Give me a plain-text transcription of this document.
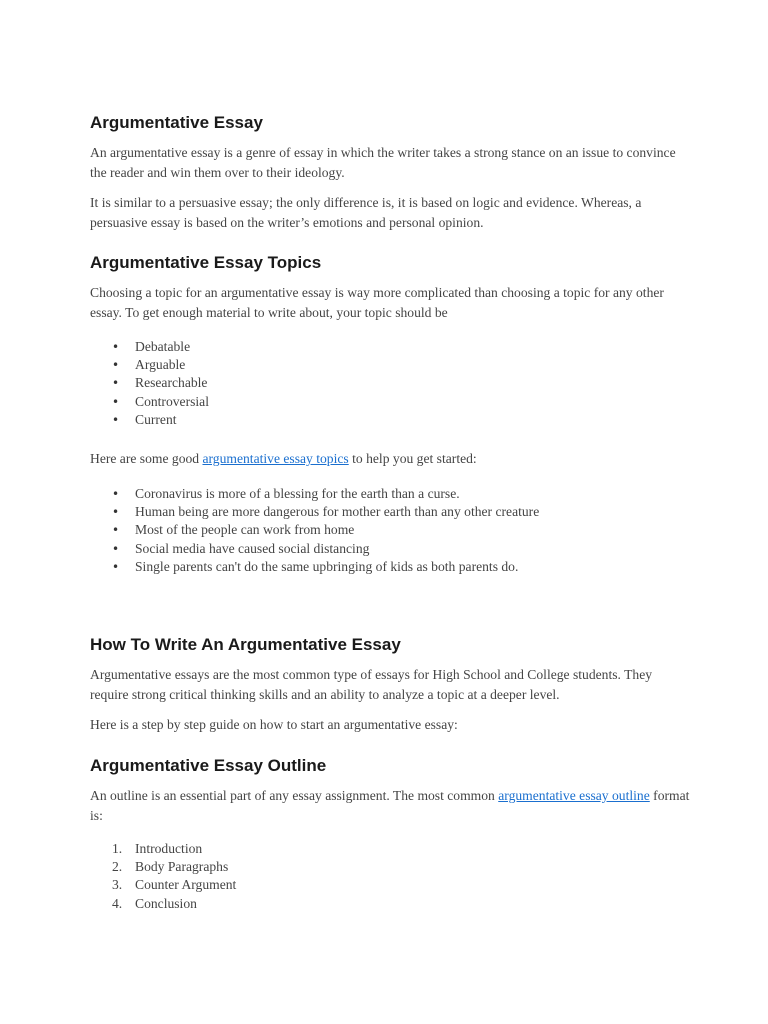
Argumentative Essay

An argumentative essay is a genre of essay in which the writer takes a strong stance on an issue to convince the reader and win them over to their ideology.

It is similar to a persuasive essay; the only difference is, it is based on logic and evidence. Whereas, a persuasive essay is based on the writer’s emotions and personal opinion.

Argumentative Essay Topics

Choosing a topic for an argumentative essay is way more complicated than choosing a topic for any other essay. To get enough material to write about, your topic should be

• Debatable
• Arguable
• Researchable
• Controversial
• Current

Here are some good argumentative essay topics to help you get started:

• Coronavirus is more of a blessing for the earth than a curse.
• Human being are more dangerous for mother earth than any other creature
• Most of the people can work from home
• Social media have caused social distancing
• Single parents can't do the same upbringing of kids as both parents do.
How To Write An Argumentative Essay

Argumentative essays are the most common type of essays for High School and College students. They require strong critical thinking skills and an ability to analyze a topic at a deeper level.

Here is a step by step guide on how to start an argumentative essay:

Argumentative Essay Outline

An outline is an essential part of any essay assignment. The most common argumentative essay outline format is:

1. Introduction
2. Body Paragraphs
3. Counter Argument
4. Conclusion
